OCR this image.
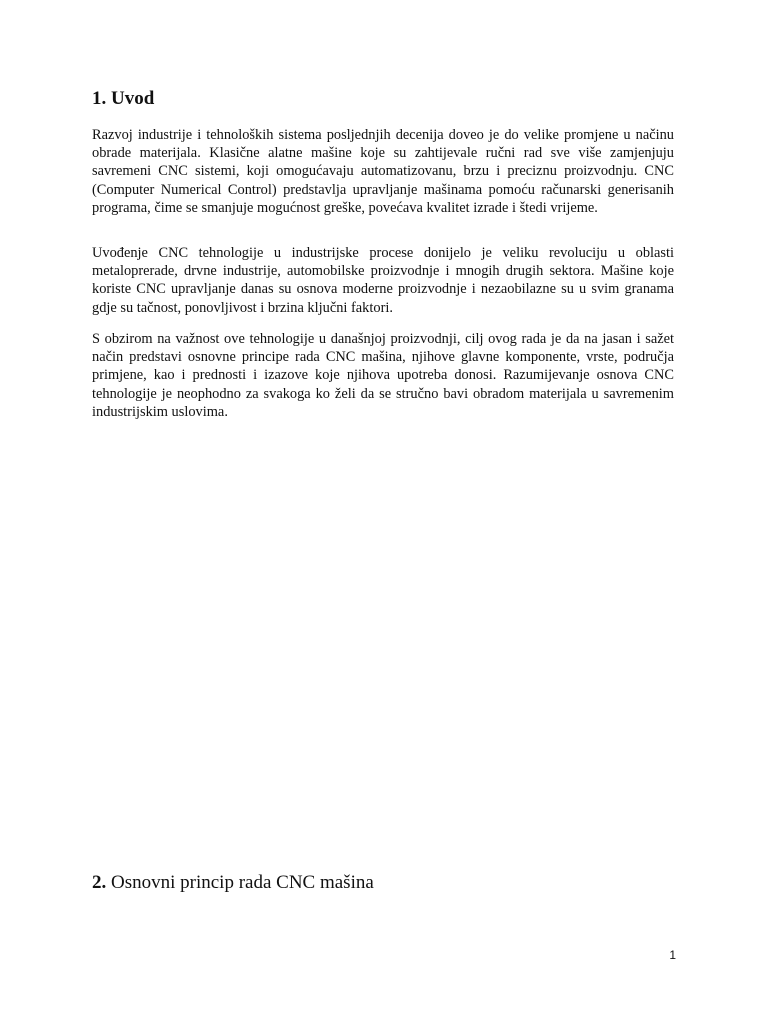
1. Uvod

Razvoj industrije i tehnoloških sistema posljednjih decenija doveo je do velike promjene u načinu obrade materijala. Klasične alatne mašine koje su zahtijevale ručni rad sve više zamjenjuju savremeni CNC sistemi, koji omogućavaju automatizovanu, brzu i preciznu proizvodnju. CNC (Computer Numerical Control) predstavlja upravljanje mašinama pomoću računarski generisanih programa, čime se smanjuje mogućnost greške, povećava kvalitet izrade i štedi vrijeme.

Uvođenje CNC tehnologije u industrijske procese donijelo je veliku revoluciju u oblasti metaloprerade, drvne industrije, automobilske proizvodnje i mnogih drugih sektora. Mašine koje koriste CNC upravljanje danas su osnova moderne proizvodnje i nezaobilazne su u svim granama gdje su tačnost, ponovljivost i brzina ključni faktori.

S obzirom na važnost ove tehnologije u današnjoj proizvodnji, cilj ovog rada je da na jasan i sažet način predstavi osnovne principe rada CNC mašina, njihove glavne komponente, vrste, područja primjene, kao i prednosti i izazove koje njihova upotreba donosi. Razumijevanje osnova CNC tehnologije je neophodno za svakoga ko želi da se stručno bavi obradom materijala u savremenim industrijskim uslovima.

2. Osnovni princip rada CNC mašina
1
